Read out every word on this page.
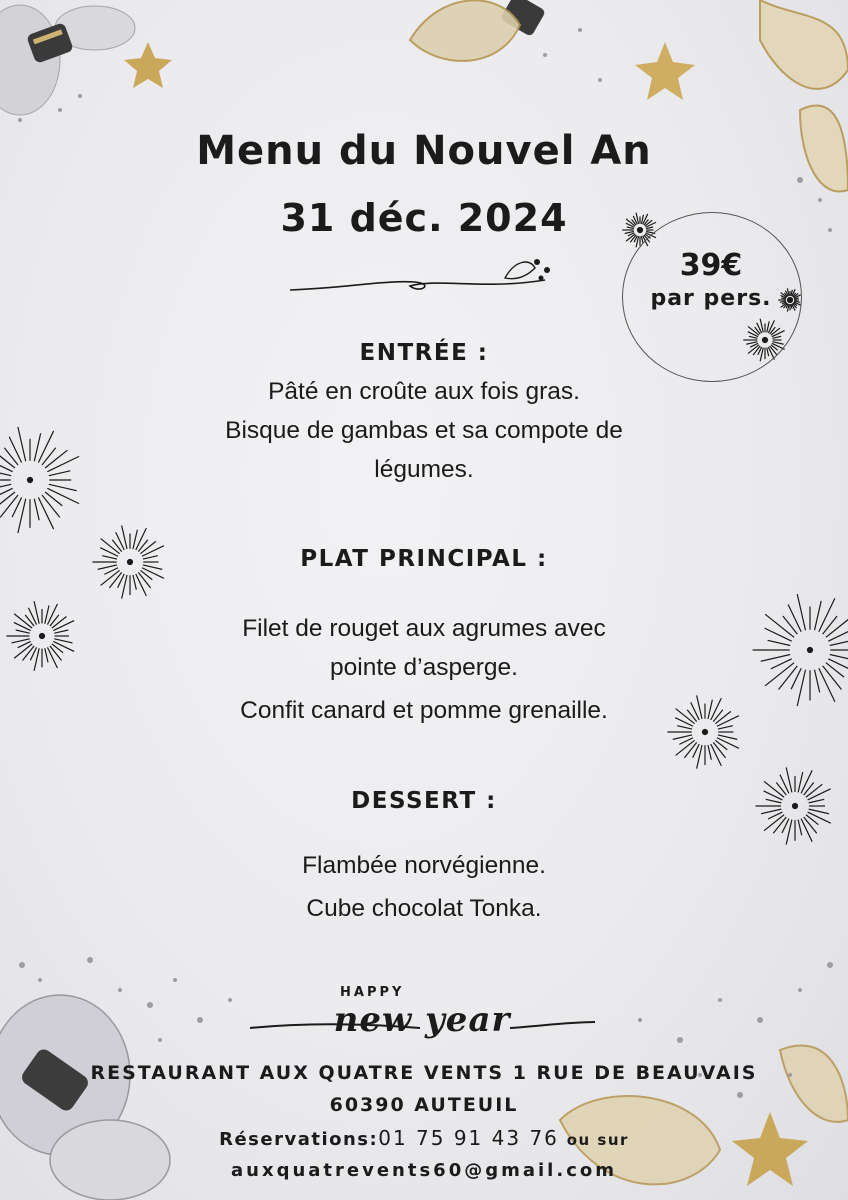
Menu du Nouvel An
31 déc. 2024
39€
par pers.
ENTRÉE :
Pâté en croûte aux fois gras.
Bisque de gambas et sa compote de
légumes.
PLAT PRINCIPAL :
Filet de rouget aux agrumes avec
pointe d’asperge.
Confit canard et pomme grenaille.
DESSERT :
Flambée norvégienne.
Cube chocolat Tonka.
HAPPY
new year
RESTAURANT AUX QUATRE VENTS 1 RUE DE BEAUVAIS
60390 AUTEUIL
Réservations:01 75 91 43 76 ou sur
auxquatrevents60@gmail.com
